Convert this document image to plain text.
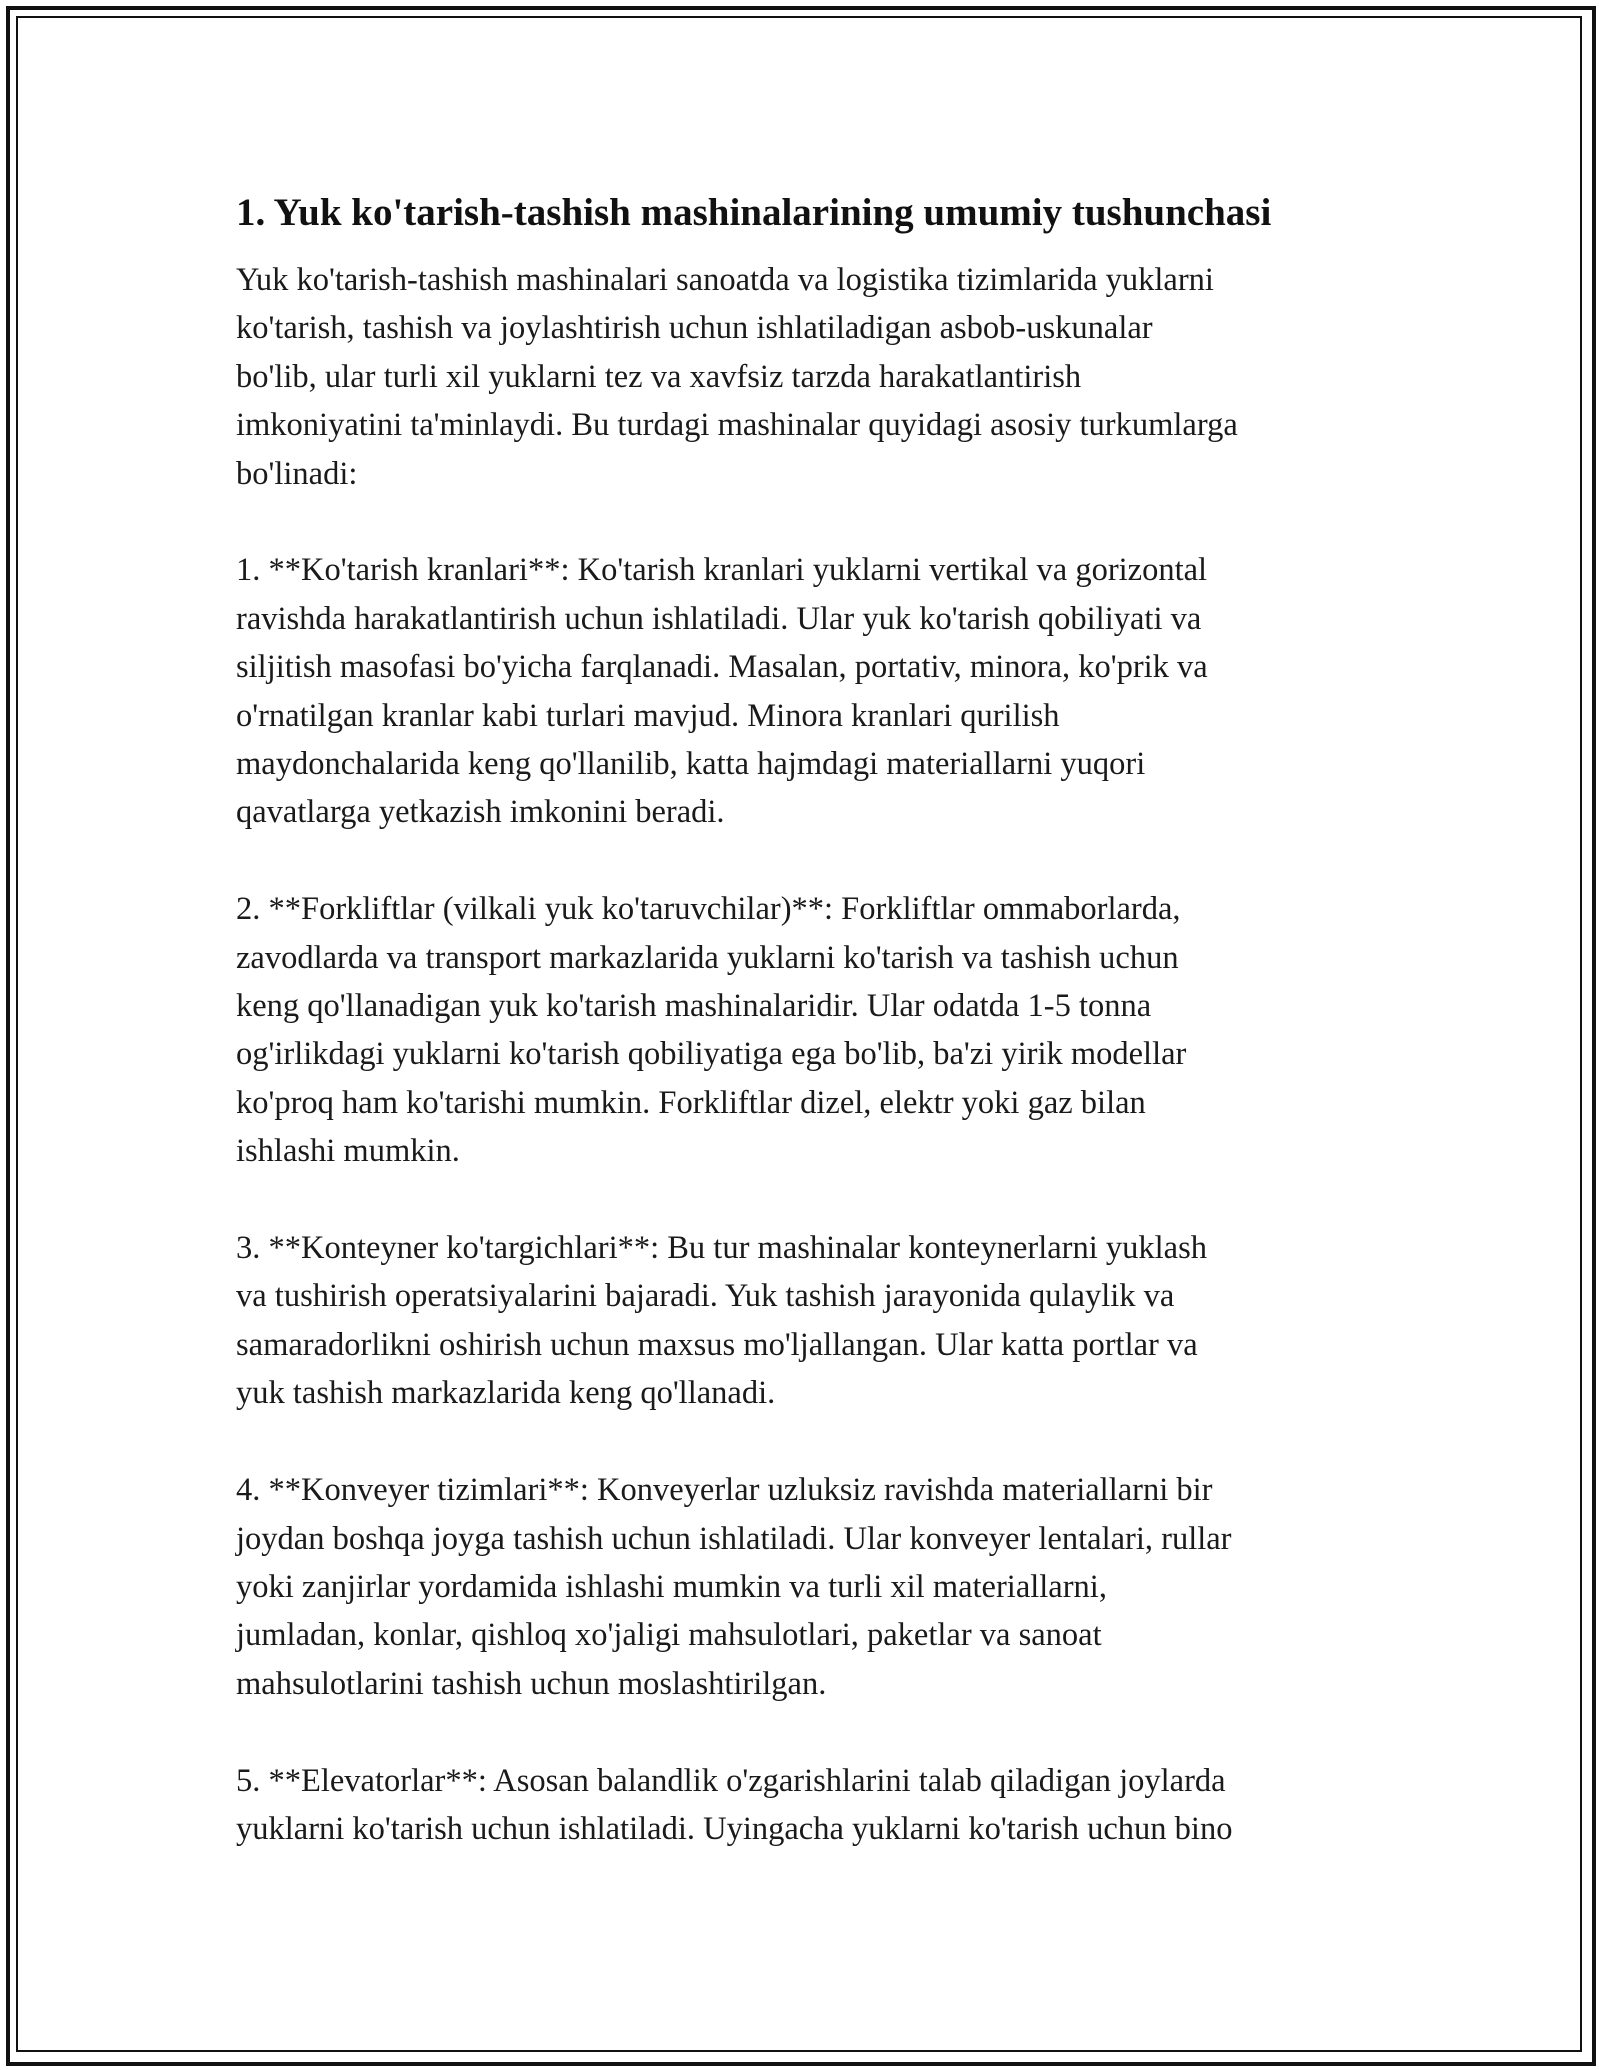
1. Yuk ko'tarish-tashish mashinalarining umumiy tushunchasi
Yuk ko'tarish-tashish mashinalari sanoatda va logistika tizimlarida yuklarni
ko'tarish, tashish va joylashtirish uchun ishlatiladigan asbob-uskunalar
bo'lib, ular turli xil yuklarni tez va xavfsiz tarzda harakatlantirish
imkoniyatini ta'minlaydi. Bu turdagi mashinalar quyidagi asosiy turkumlarga
bo'linadi:
1. **Ko'tarish kranlari**: Ko'tarish kranlari yuklarni vertikal va gorizontal
ravishda harakatlantirish uchun ishlatiladi. Ular yuk ko'tarish qobiliyati va
siljitish masofasi bo'yicha farqlanadi. Masalan, portativ, minora, ko'prik va
o'rnatilgan kranlar kabi turlari mavjud. Minora kranlari qurilish
maydonchalarida keng qo'llanilib, katta hajmdagi materiallarni yuqori
qavatlarga yetkazish imkonini beradi.
2. **Forkliftlar (vilkali yuk ko'taruvchilar)**: Forkliftlar ommaborlarda,
zavodlarda va transport markazlarida yuklarni ko'tarish va tashish uchun
keng qo'llanadigan yuk ko'tarish mashinalaridir. Ular odatda 1-5 tonna
og'irlikdagi yuklarni ko'tarish qobiliyatiga ega bo'lib, ba'zi yirik modellar
ko'proq ham ko'tarishi mumkin. Forkliftlar dizel, elektr yoki gaz bilan
ishlashi mumkin.
3. **Konteyner ko'targichlari**: Bu tur mashinalar konteynerlarni yuklash
va tushirish operatsiyalarini bajaradi. Yuk tashish jarayonida qulaylik va
samaradorlikni oshirish uchun maxsus mo'ljallangan. Ular katta portlar va
yuk tashish markazlarida keng qo'llanadi.
4. **Konveyer tizimlari**: Konveyerlar uzluksiz ravishda materiallarni bir
joydan boshqa joyga tashish uchun ishlatiladi. Ular konveyer lentalari, rullar
yoki zanjirlar yordamida ishlashi mumkin va turli xil materiallarni,
jumladan, konlar, qishloq xo'jaligi mahsulotlari, paketlar va sanoat
mahsulotlarini tashish uchun moslashtirilgan.
5. **Elevatorlar**: Asosan balandlik o'zgarishlarini talab qiladigan joylarda
yuklarni ko'tarish uchun ishlatiladi. Uyingacha yuklarni ko'tarish uchun bino
